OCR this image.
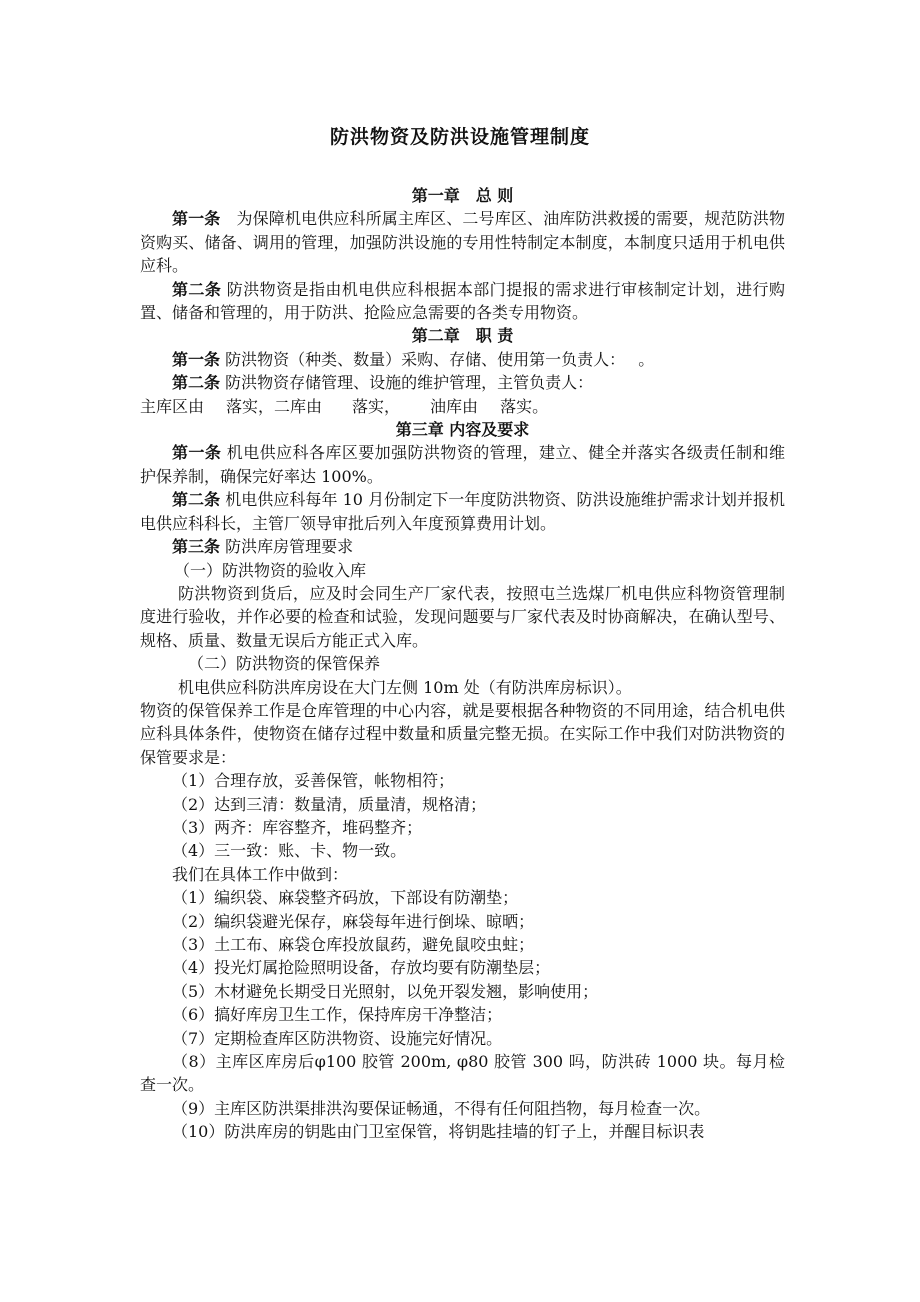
防洪物资及防洪设施管理制度

第一章　总 则

第一条　为保障机电供应科所属主库区、二号库区、油库防洪救援的需要，规范防洪物资购买、储备、调用的管理，加强防洪设施的专用性特制定本制度，本制度只适用于机电供应科。

第二条 防洪物资是指由机电供应科根据本部门提报的需求进行审核制定计划，进行购置、储备和管理的，用于防洪、抢险应急需要的各类专用物资。

第二章　职 责

第一条 防洪物资（种类、数量）采购、存储、使用第一负责人：　 。

第二条 防洪物资存储管理、设施的维护管理，主管负责人：

主库区由 落实，二库由 落实， 油库由 落实。

第三章 内容及要求

第一条 机电供应科各库区要加强防洪物资的管理，建立、健全并落实各级责任制和维护保养制，确保完好率达 100%。

第二条 机电供应科每年 10 月份制定下一年度防洪物资、防洪设施维护需求计划并报机电供应科科长，主管厂领导审批后列入年度预算费用计划。

第三条 防洪库房管理要求

（一）防洪物资的验收入库

防洪物资到货后，应及时会同生产厂家代表，按照屯兰选煤厂机电供应科物资管理制度进行验收，并作必要的检查和试验，发现问题要与厂家代表及时协商解决，在确认型号、规格、质量、数量无误后方能正式入库。

（二）防洪物资的保管保养

机电供应科防洪库房设在大门左侧 10m 处（有防洪库房标识）。

物资的保管保养工作是仓库管理的中心内容，就是要根据各种物资的不同用途，结合机电供应科具体条件，使物资在储存过程中数量和质量完整无损。在实际工作中我们对防洪物资的保管要求是：

（1）合理存放，妥善保管，帐物相符；

（2）达到三清：数量清，质量清，规格清；

（3）两齐：库容整齐，堆码整齐；

（4）三一致：账、卡、物一致。

我们在具体工作中做到：

（1）编织袋、麻袋整齐码放，下部设有防潮垫；

（2）编织袋避光保存，麻袋每年进行倒垛、晾晒；

（3）土工布、麻袋仓库投放鼠药，避免鼠咬虫蛀；

（4）投光灯属抢险照明设备，存放均要有防潮垫层；

（5）木材避免长期受日光照射，以免开裂发翘，影响使用；

（6）搞好库房卫生工作，保持库房干净整洁；

（7）定期检查库区防洪物资、设施完好情况。

（8）主库区库房后φ100 胶管 200m, φ80 胶管 300 吗，防洪砖 1000 块。每月检查一次。

（9）主库区防洪渠排洪沟要保证畅通，不得有任何阻挡物，每月检查一次。

（10）防洪库房的钥匙由门卫室保管，将钥匙挂墙的钉子上，并醒目标识表
